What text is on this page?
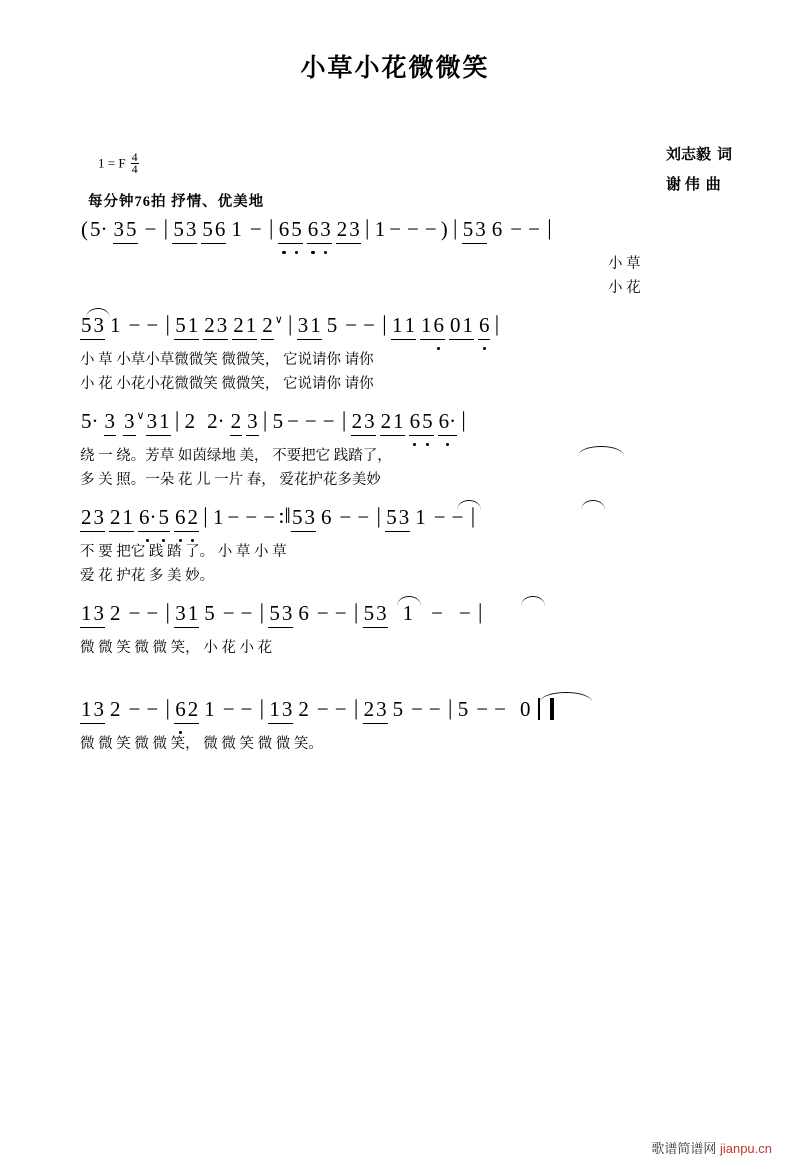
小草小花微微笑
刘志毅 词
谢 伟 曲
1 = F $\frac{4}{4}$
每分钟76拍 抒情、优美地
(5· 35 − | 53 56 1 − | 65 63 23 | 1 − − − ) | 53 6 − − |
小 草
小 花
53 1 − − | 51 23 21 2 ∨ | 31 5 − − | 11 16 01 6 |
小 草 小草小草微微笑 微微笑， 它说请你 请你
小 花 小花小花微微笑 微微笑， 它说请你 请你
5· 3 3 ∨31 | 2 2· 2 3 | 5 − − − | 23 21 65 6· |
绕 一 绕。芳草 如茵绿地 美， 不要把它 践踏了，
多 关 照。一朵 花 儿 一片 春， 爱花护花多美妙
23 21 6·5 62 | 1 − − − :‖53 6 − − | 53 1 − − |
不 要 把它 践 踏 了。 小 草 小 草
爱 花 护花 多 美 妙。
13 2 − − | 31 5 − − | 53 6 − − | 53 1 − − |
微 微 笑 微 微 笑， 小 花 小 花
13 2 − − | 62 1 − − | 13 2 − − | 23 5 − − | 5 − − 0
微 微 笑 微 微 笑， 微 微 笑 微 微 笑。
歌谱简谱网 jianpu.cn
